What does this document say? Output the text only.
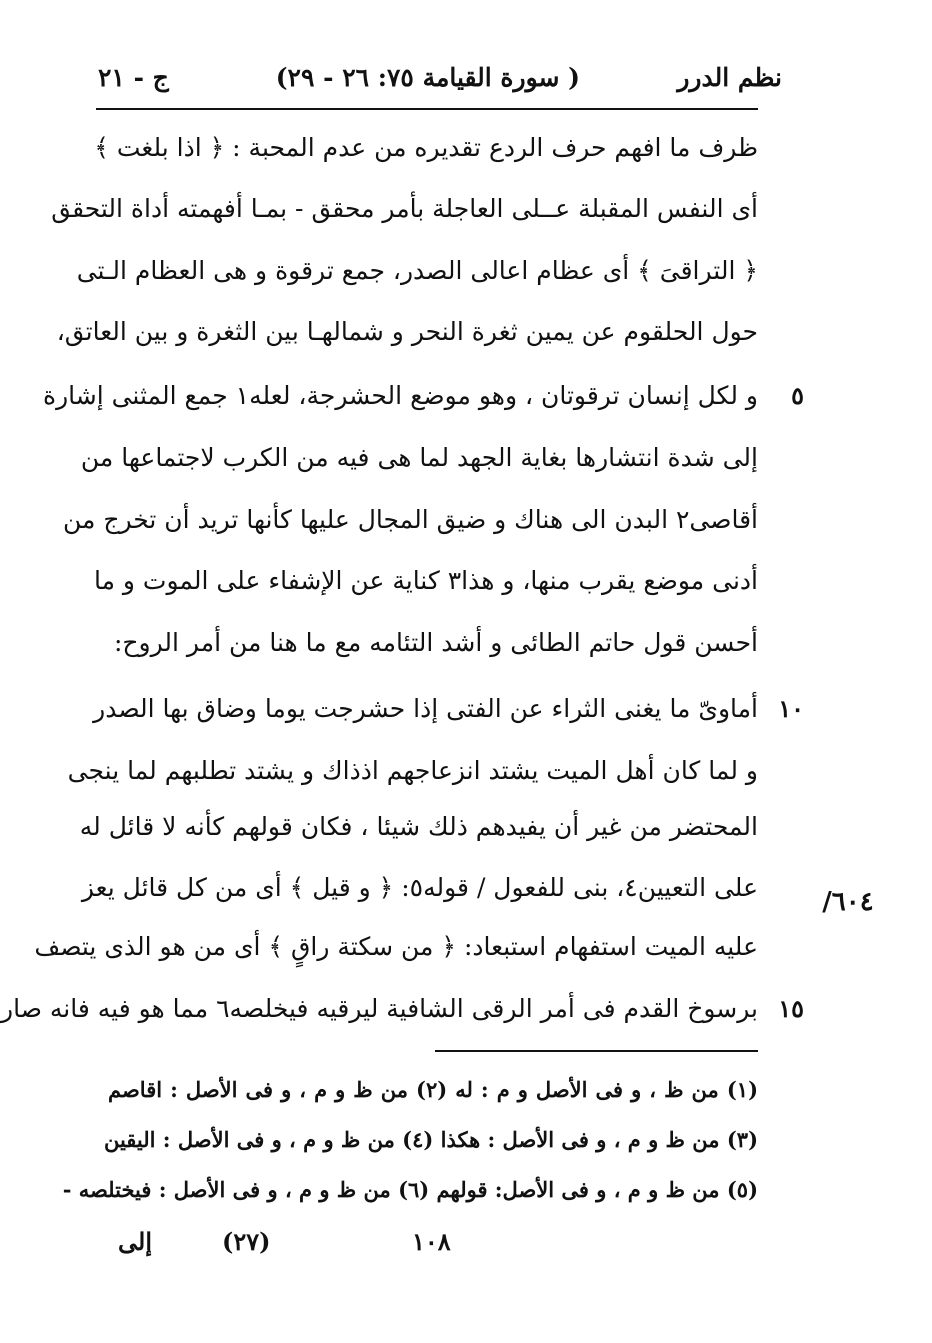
ج - ٢١	( سورة القيامة ٧٥: ٢٦ - ٢٩)	نظم الدرر
ظرف ما افهم حرف الردع تقديره من عدم المحبة : ﴿ اذا بلغت ﴾
أى النفس المقبلة عــلى العاجلة بأمر محقق - بمـا أفهمته أداة التحقق
﴿ التراقىَ ﴾ أى عظام اعالى الصدر، جمع ترقوة و هى العظام الـتى
حول الحلقوم عن يمين ثغرة النحر و شمالهـا بين الثغرة و بين العاتق،
٥
و لكل إنسان ترقوتان ، وهو موضع الحشرجة، لعله١ جمع المثنى إشارة
إلى شدة انتشارها بغاية الجهد لما هى فيه من الكرب لاجتماعها من
أقاصى٢ البدن الى هناك و ضيق المجال عليها كأنها تريد أن تخرج من
أدنى موضع يقرب منها، و هذا٣ كناية عن الإشفاء على الموت و ما
أحسن قول حاتم الطائى و أشد التئامه مع ما هنا من أمر الروح:
١٠
أماوىّ ما يغنى الثراء عن الفتى إذا حشرجت يوما وضاق بها الصدر
و لما كان أهل الميت يشتد انزعاجهم اذذاك و يشتد تطلبهم لما ينجى
المحتضر من غير أن يفيدهم ذلك شيئا ، فكان قولهم كأنه لا قائل له
على التعيين٤، بنى للفعول / قوله٥: ﴿ و قيل ﴾ أى من كل قائل يعز
عليه الميت استفهام استبعاد: ﴿ من سكتة راقٍ ﴾ أى من هو الذى يتصف
١٥
برسوخ القدم فى أمر الرقى الشافية ليرقيه فيخلصه٦ مما هو فيه فانه صار
٦٠٤/
(١) من ظ ، و فى الأصل و م : له (٢) من ظ و م ، و فى الأصل : اقاصم
(٣) من ظ و م ، و فى الأصل : هكذا (٤) من ظ و م ، و فى الأصل : اليقين
(٥) من ظ و م ، و فى الأصل: قولهم (٦) من ظ و م ، و فى الأصل : فيختلصه -
إلى	(٢٧)	١٠٨
